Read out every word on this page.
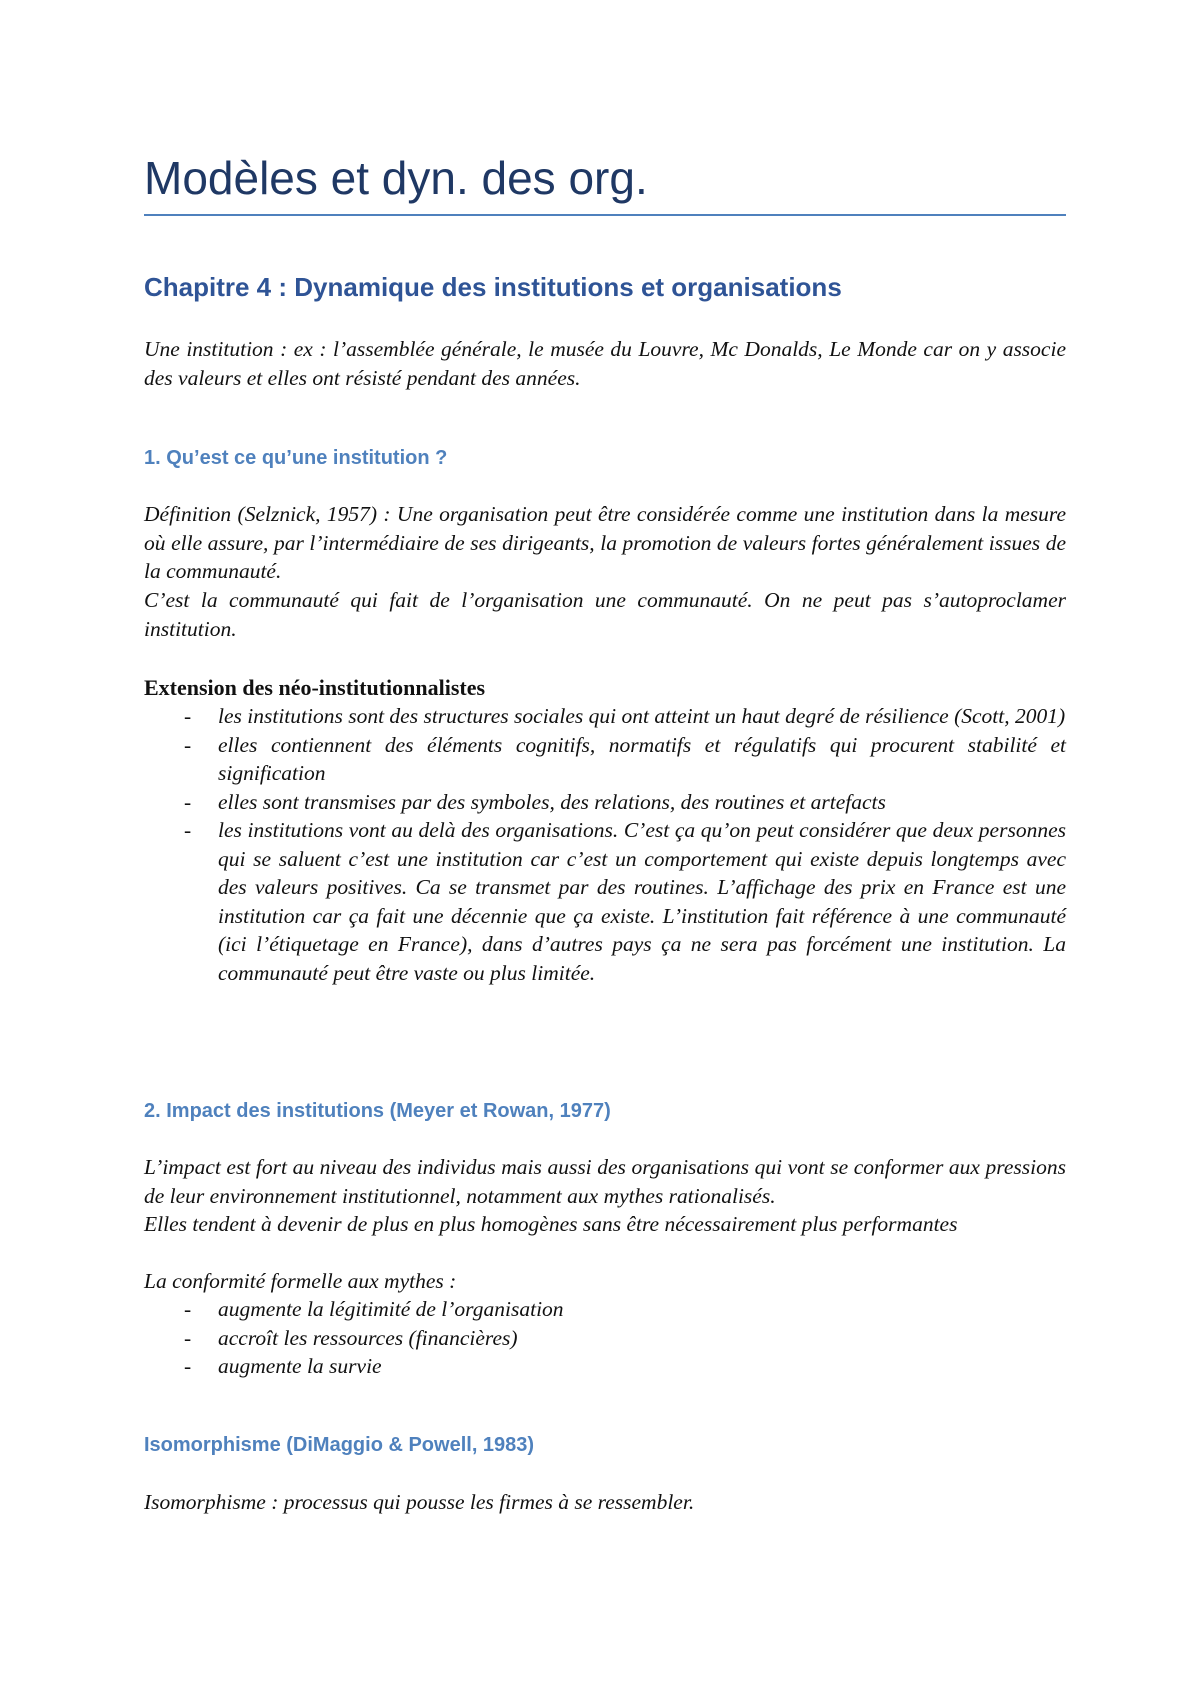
Modèles et dyn. des org.
Chapitre 4 : Dynamique des institutions et organisations
Une institution : ex : l’assemblée générale, le musée du Louvre, Mc Donalds, Le Monde car on y associe des valeurs et elles ont résisté pendant des années.
1. Qu’est ce qu’une institution ?
Définition (Selznick, 1957) : Une organisation peut être considérée comme une institution dans la mesure où elle assure, par l’intermédiaire de ses dirigeants, la promotion de valeurs fortes généralement issues de la communauté.
C’est la communauté qui fait de l’organisation une communauté. On ne peut pas s’autoproclamer institution.
Extension des néo-institutionnalistes
- les institutions sont des structures sociales qui ont atteint un haut degré de résilience (Scott, 2001)
- elles contiennent des éléments cognitifs, normatifs et régulatifs qui procurent stabilité et signification
- elles sont transmises par des symboles, des relations, des routines et artefacts
- les institutions vont au delà des organisations. C’est ça qu’on peut considérer que deux personnes qui se saluent c’est une institution car c’est un comportement qui existe depuis longtemps avec des valeurs positives. Ca se transmet par des routines. L’affichage des prix en France est une institution car ça fait une décennie que ça existe. L’institution fait référence à une communauté (ici l’étiquetage en France), dans d’autres pays ça ne sera pas forcément une institution. La communauté peut être vaste ou plus limitée.
2. Impact des institutions (Meyer et Rowan, 1977)
L’impact est fort au niveau des individus mais aussi des organisations qui vont se conformer aux pressions de leur environnement institutionnel, notamment aux mythes rationalisés.
Elles tendent à devenir de plus en plus homogènes sans être nécessairement plus performantes
La conformité formelle aux mythes :
- augmente la légitimité de l’organisation
- accroît les ressources (financières)
- augmente la survie
Isomorphisme (DiMaggio & Powell, 1983)
Isomorphisme : processus qui pousse les firmes à se ressembler.
